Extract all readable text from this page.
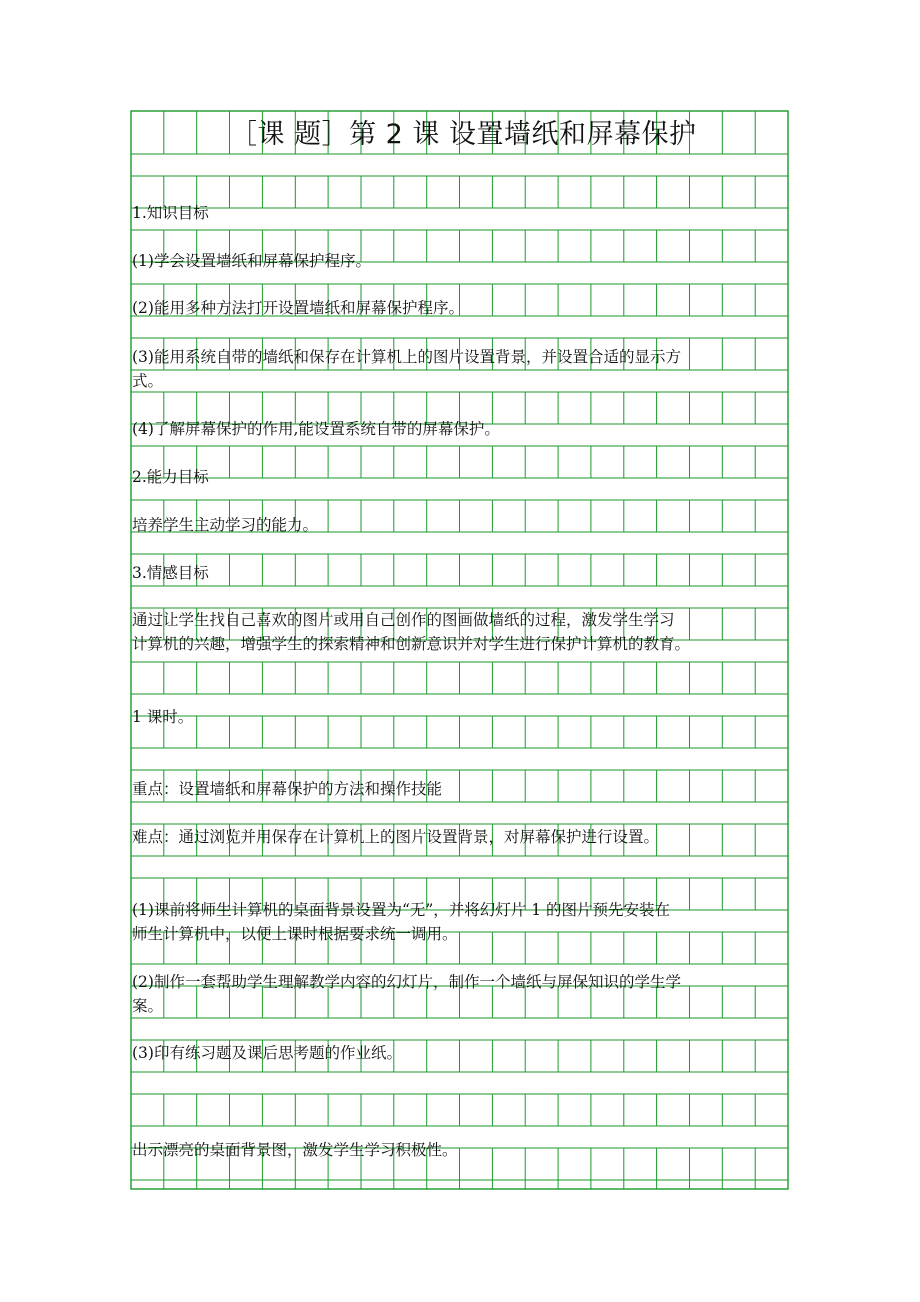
［课 题］第 2 课 设置墙纸和屏幕保护
1.知识目标
(1)学会设置墙纸和屏幕保护程序。
(2)能用多种方法打开设置墙纸和屏幕保护程序。
(3)能用系统自带的墙纸和保存在计算机上的图片设置背景，并设置合适的显示方
式。
(4)了解屏幕保护的作用,能设置系统自带的屏幕保护。
2.能力目标
培养学生主动学习的能力。
3.情感目标
通过让学生找自己喜欢的图片或用自己创作的图画做墙纸的过程，激发学生学习
计算机的兴趣，增强学生的探索精神和创新意识并对学生进行保护计算机的教育。
1 课时。
重点：设置墙纸和屏幕保护的方法和操作技能
难点：通过浏览并用保存在计算机上的图片设置背景，对屏幕保护进行设置。
(1)课前将师生计算机的桌面背景设置为“无”，并将幻灯片 1 的图片预先安装在
师生计算机中，以便上课时根据要求统一调用。
(2)制作一套帮助学生理解教学内容的幻灯片，制作一个墙纸与屏保知识的学生学
案。
(3)印有练习题及课后思考题的作业纸。
出示漂亮的桌面背景图，激发学生学习积极性。
